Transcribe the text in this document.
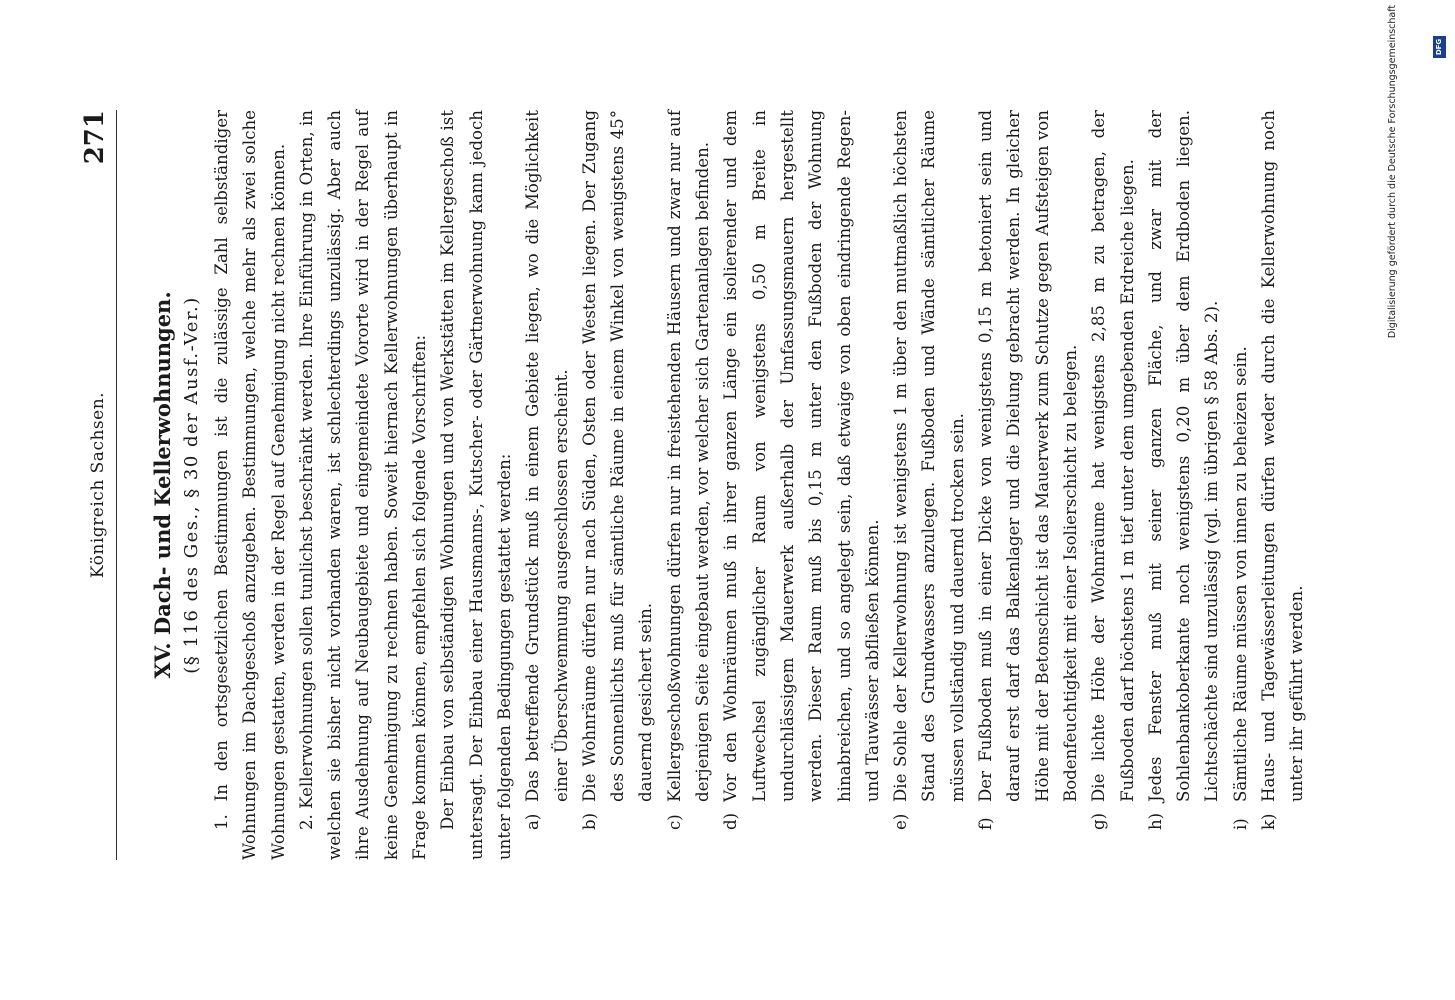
Königreich Sachsen.
271
XV. Dach- und Kellerwohnungen. (§ 116 des Ges., § 30 der Ausf.-Ver.) 1. In den ortsgesetzlichen Bestimmungen ist die zulässige Zahl selbständiger Wohnungen im Dachgeschoß anzugeben. Bestimmungen, welche mehr als zwei solche Wohnungen gestatten, werden in der Regel auf Genehmigung nicht rechnen können. 2. Kellerwohnungen sollen tunlichst beschränkt werden. Ihre Einführung in Orten, in welchen sie bisher nicht vorhanden waren, ist schlechterdings unzulässig. Aber auch ihre Ausdehnung auf Neubaugebiete und eingemeindete Vororte wird in der Regel auf keine Genehmigung zu rechnen haben. Soweit hiernach Kellerwohnungen überhaupt in Frage kommen können, empfehlen sich folgende Vorschriften: Der Einbau von selbständigen Wohnungen und von Werkstätten im Kellergeschoß ist untersagt. Der Einbau einer Hausmanns-, Kutscher- oder Gärtnerwohnung kann jedoch unter folgenden Bedingungen gestattet werden: a)
Das betreffende Grundstück muß in einem Gebiete liegen, wo die Möglichkeit einer Überschwemmung ausgeschlossen erscheint.
b)
Die Wohnräume dürfen nur nach Süden, Osten oder Westen liegen. Der Zugang des Sonnenlichts muß für sämtliche Räume in einem Winkel von wenigstens 45° dauernd gesichert sein.
c)
Kellergeschoßwohnungen dürfen nur in freistehenden Häusern und zwar nur auf derjenigen Seite eingebaut werden, vor welcher sich Gartenanlagen befinden.
d)
Vor den Wohnräumen muß in ihrer ganzen Länge ein isolierender und dem Luftwechsel zugänglicher Raum von wenigstens 0,50 m Breite in undurchlässigem Mauerwerk außerhalb der Umfassungsmauern hergestellt werden. Dieser Raum muß bis 0,15 m unter den Fußboden der Wohnung hinabreichen, und so angelegt sein, daß etwaige von oben eindringende Regen- und Tauwässer abfließen können.
e)
Die Sohle der Kellerwohnung ist wenigstens 1 m über den mutmaßlich höchsten Stand des Grundwassers anzulegen. Fußboden und Wände sämtlicher Räume müssen vollständig und dauernd trocken sein.
f)
Der Fußboden muß in einer Dicke von wenigstens 0,15 m betoniert sein und darauf erst darf das Balkenlager und die Dielung gebracht werden. In gleicher Höhe mit der Betonschicht ist das Mauerwerk zum Schutze gegen Aufsteigen von Bodenfeuchtigkeit mit einer Isolierschicht zu belegen.
g)
Die lichte Höhe der Wohnräume hat wenigstens 2,85 m zu betragen, der Fußboden darf höchstens 1 m tief unter dem umgebenden Erdreiche liegen.
h)
Jedes Fenster muß mit seiner ganzen Fläche, und zwar mit der Sohlenbankoberkante noch wenigstens 0,20 m über dem Erdboden liegen. Lichtschächte sind unzulässig (vgl. im übrigen § 58 Abs. 2).
i)
Sämtliche Räume müssen von innen zu beheizen sein.
k)
Haus- und Tagewässerleitungen dürfen weder durch die Kellerwohnung noch unter ihr geführt werden.
DFG
Digitalisierung gefördert durch die Deutsche Forschungsgemeinschaft
